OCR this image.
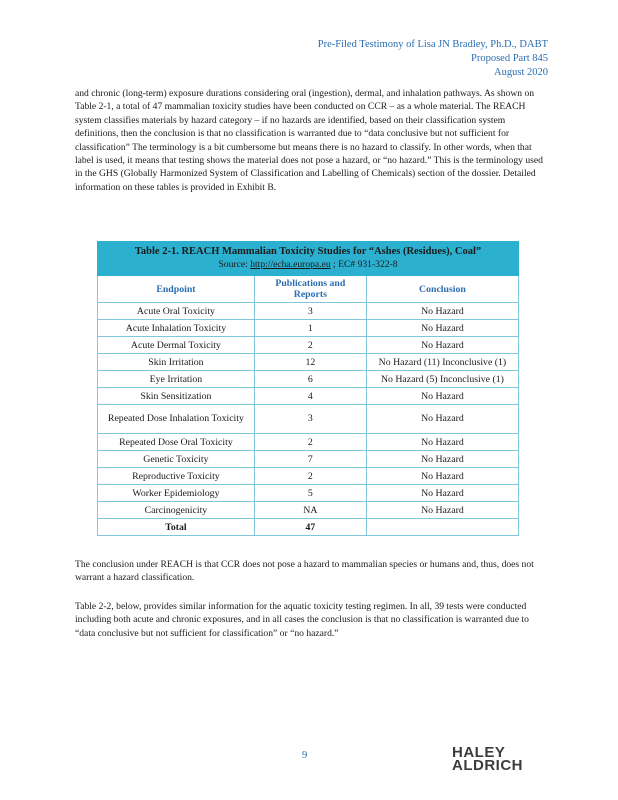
Pre-Filed Testimony of Lisa JN Bradley, Ph.D., DABT
Proposed Part 845
August 2020
and chronic (long-term) exposure durations considering oral (ingestion), dermal, and inhalation pathways. As shown on Table 2-1, a total of 47 mammalian toxicity studies have been conducted on CCR – as a whole material. The REACH system classifies materials by hazard category – if no hazards are identified, based on their classification system definitions, then the conclusion is that no classification is warranted due to “data conclusive but not sufficient for classification” The terminology is a bit cumbersome but means there is no hazard to classify. In other words, when that label is used, it means that testing shows the material does not pose a hazard, or “no hazard.” This is the terminology used in the GHS (Globally Harmonized System of Classification and Labelling of Chemicals) section of the dossier. Detailed information on these tables is provided in Exhibit B.
Table 2-1. REACH Mammalian Toxicity Studies for “Ashes (Residues), Coal”
Source: http://echa.europa.eu ; EC# 931-322-8		

Endpoint	Publications and Reports	Conclusion
Acute Oral Toxicity	3	No Hazard
Acute Inhalation Toxicity	1	No Hazard
Acute Dermal Toxicity	2	No Hazard
Skin Irritation	12	No Hazard (11) Inconclusive (1)
Eye Irritation	6	No Hazard (5) Inconclusive (1)
Skin Sensitization	4	No Hazard
Repeated Dose Inhalation Toxicity	3	No Hazard
Repeated Dose Oral Toxicity	2	No Hazard
Genetic Toxicity	7	No Hazard
Reproductive Toxicity	2	No Hazard
Worker Epidemiology	5	No Hazard
Carcinogenicity	NA	No Hazard
Total	47	
The conclusion under REACH is that CCR does not pose a hazard to mammalian species or humans and, thus, does not warrant a hazard classification.
Table 2-2, below, provides similar information for the aquatic toxicity testing regimen. In all, 39 tests were conducted including both acute and chronic exposures, and in all cases the conclusion is that no classification is warranted due to “data conclusive but not sufficient for classification” or “no hazard.”
9	HALEY
ALDRICH
